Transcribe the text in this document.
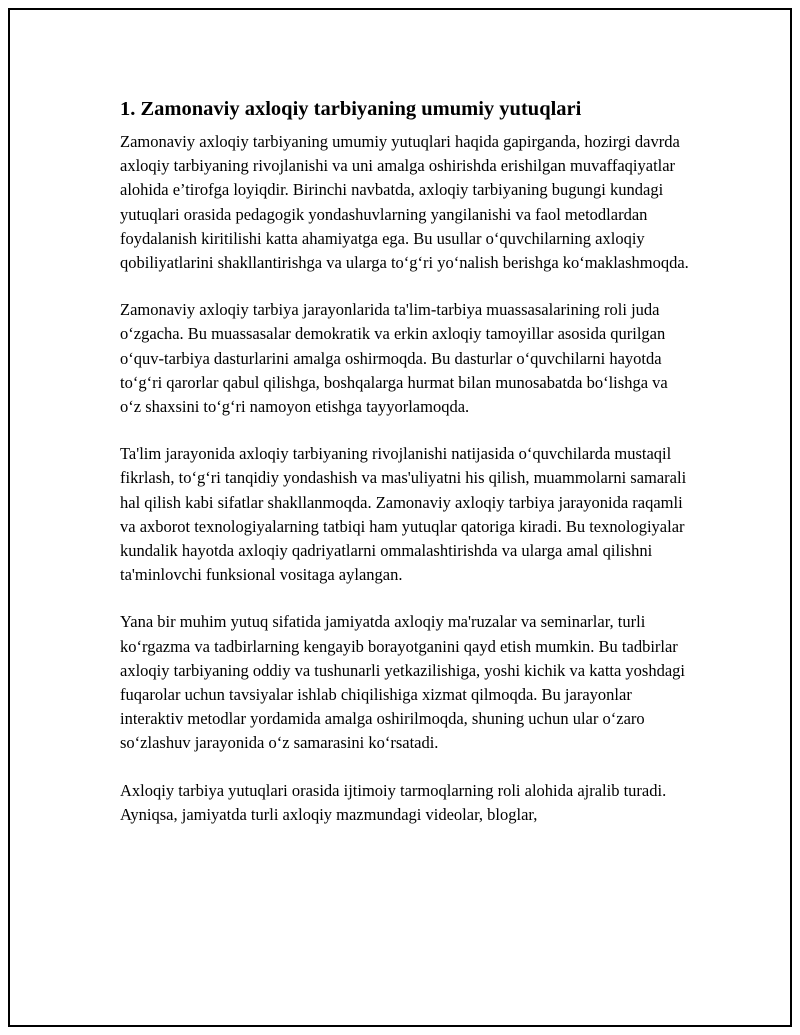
1. Zamonaviy axloqiy tarbiyaning umumiy yutuqlari

Zamonaviy axloqiy tarbiyaning umumiy yutuqlari haqida gapirganda, hozirgi davrda axloqiy tarbiyaning rivojlanishi va uni amalga oshirishda erishilgan muvaffaqiyatlar alohida e’tirofga loyiqdir. Birinchi navbatda, axloqiy tarbiyaning bugungi kundagi yutuqlari orasida pedagogik yondashuvlarning yangilanishi va faol metodlardan foydalanish kiritilishi katta ahamiyatga ega. Bu usullar o‘quvchilarning axloqiy qobiliyatlarini shakllantirishga va ularga to‘g‘ri yo‘nalish berishga ko‘maklashmoqda.

Zamonaviy axloqiy tarbiya jarayonlarida ta'lim-tarbiya muassasalarining roli juda o‘zgacha. Bu muassasalar demokratik va erkin axloqiy tamoyillar asosida qurilgan o‘quv-tarbiya dasturlarini amalga oshirmoqda. Bu dasturlar o‘quvchilarni hayotda to‘g‘ri qarorlar qabul qilishga, boshqalarga hurmat bilan munosabatda bo‘lishga va o‘z shaxsini to‘g‘ri namoyon etishga tayyorlamoqda.

Ta'lim jarayonida axloqiy tarbiyaning rivojlanishi natijasida o‘quvchilarda mustaqil fikrlash, to‘g‘ri tanqidiy yondashish va mas'uliyatni his qilish, muammolarni samarali hal qilish kabi sifatlar shakllanmoqda. Zamonaviy axloqiy tarbiya jarayonida raqamli va axborot texnologiyalarning tatbiqi ham yutuqlar qatoriga kiradi. Bu texnologiyalar kundalik hayotda axloqiy qadriyatlarni ommalashtirishda va ularga amal qilishni ta'minlovchi funksional vositaga aylangan.

Yana bir muhim yutuq sifatida jamiyatda axloqiy ma'ruzalar va seminarlar, turli ko‘rgazma va tadbirlarning kengayib borayotganini qayd etish mumkin. Bu tadbirlar axloqiy tarbiyaning oddiy va tushunarli yetkazilishiga, yoshi kichik va katta yoshdagi fuqarolar uchun tavsiyalar ishlab chiqilishiga xizmat qilmoqda. Bu jarayonlar interaktiv metodlar yordamida amalga oshirilmoqda, shuning uchun ular o‘zaro so‘zlashuv jarayonida o‘z samarasini ko‘rsatadi.

Axloqiy tarbiya yutuqlari orasida ijtimoiy tarmoqlarning roli alohida ajralib turadi. Ayniqsa, jamiyatda turli axloqiy mazmundagi videolar, bloglar,
